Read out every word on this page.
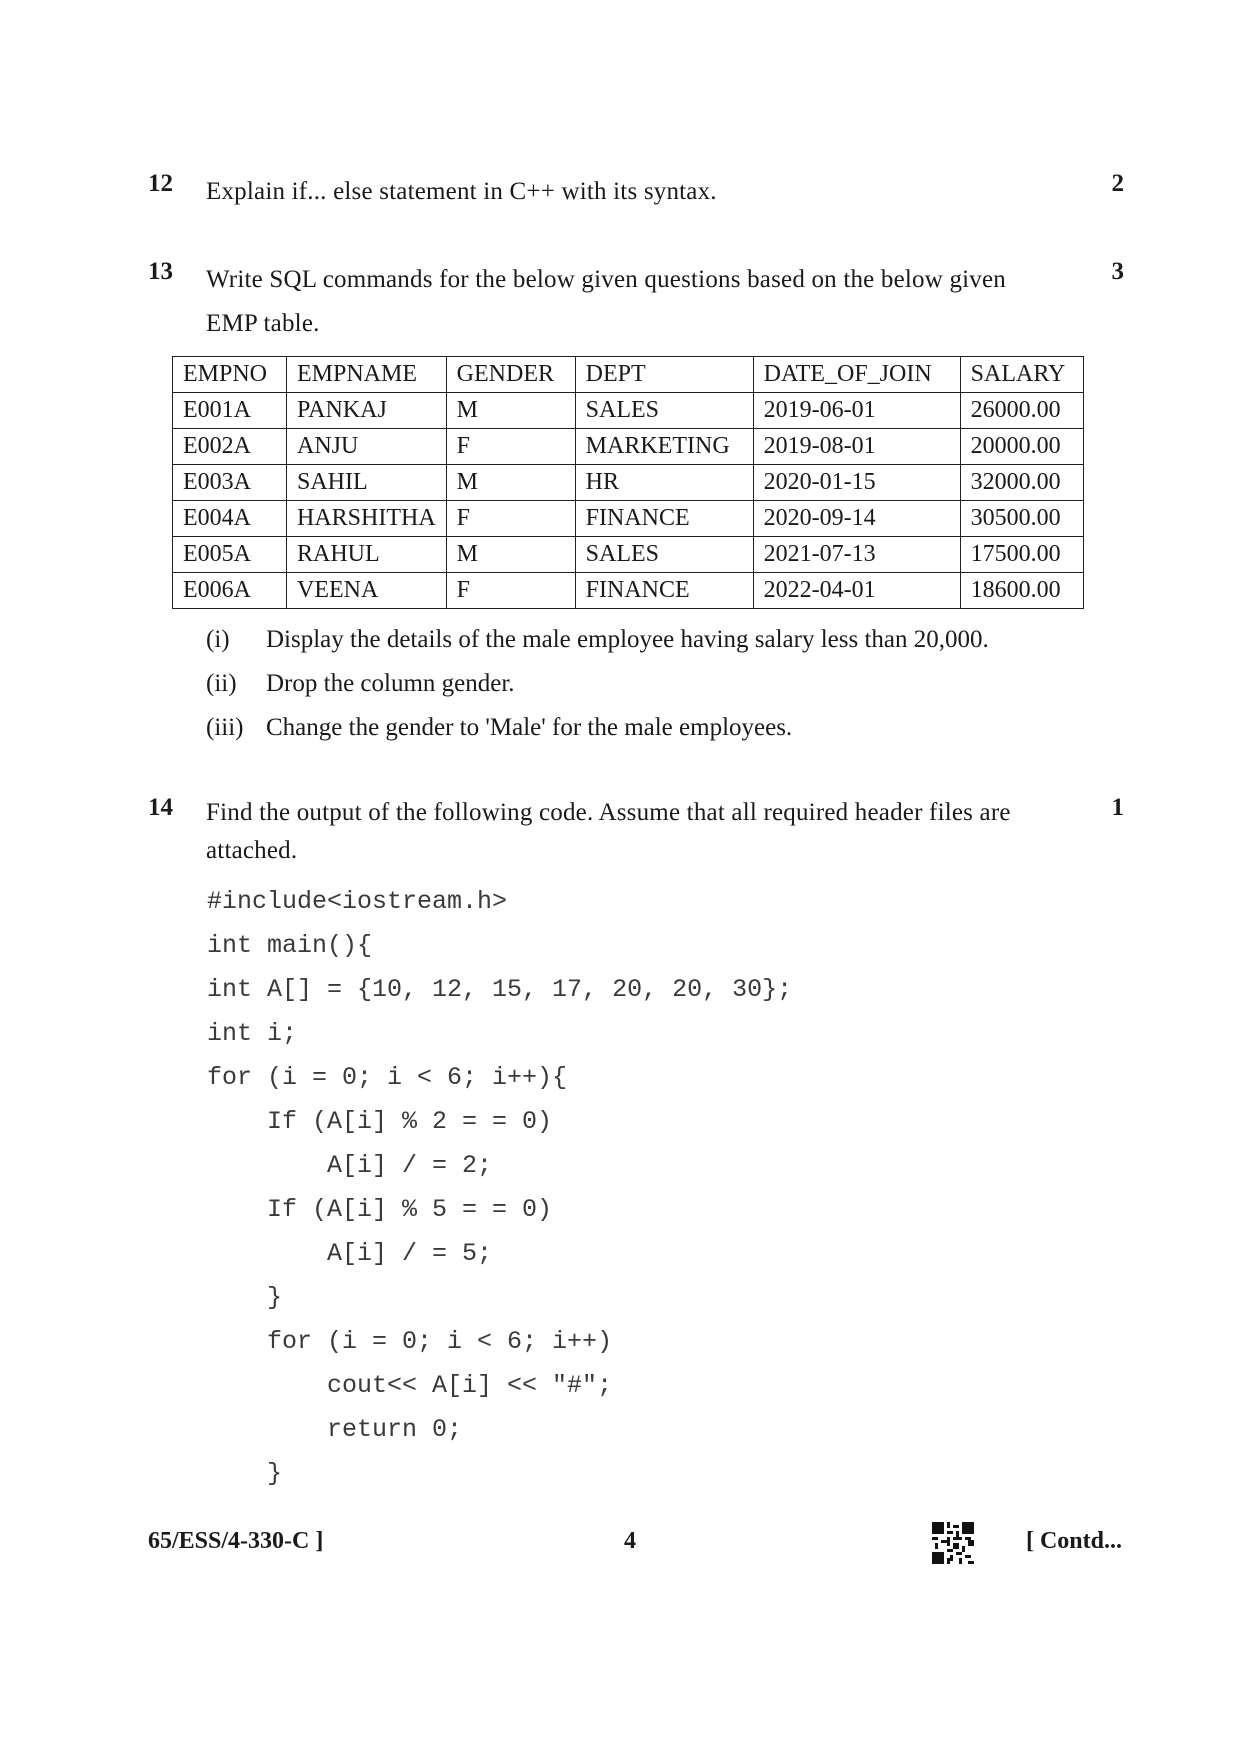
12 Explain if... else statement in C++ with its syntax.	2
13 Write SQL commands for the below given questions based on the below given EMP table.
3
EMPNO	EMPNAME	GENDER	DEPT	DATE_OF_JOIN	SALARY
E001A	PANKAJ	M	SALES	2019-06-01	26000.00
E002A	ANJU	F	MARKETING	2019-08-01	20000.00
E003A	SAHIL	M	HR	2020-01-15	32000.00
E004A	HARSHITHA	F	FINANCE	2020-09-14	30500.00
E005A	RAHUL	M	SALES	2021-07-13	17500.00
E006A	VEENA	F	FINANCE	2022-04-01	18600.00
(i) Display the details of the male employee having salary less than 20,000.
(ii) Drop the column gender.
(iii) Change the gender to 'Male' for the male employees.
14 Find the output of the following code. Assume that all required header files are attached.
1
#include<iostream.h>
int main(){
int A[] = {10, 12, 15, 17, 20, 20, 30};
int i;
for (i = 0; i < 6; i++){
If (A[i] % 2 = = 0)
A[i] / = 2;
If (A[i] % 5 = = 0)
A[i] / = 5;
}
for (i = 0; i < 6; i++)
cout<< A[i] << "#";
return 0;
}
65/ESS/4-330-C ]	4	[ Contd...
